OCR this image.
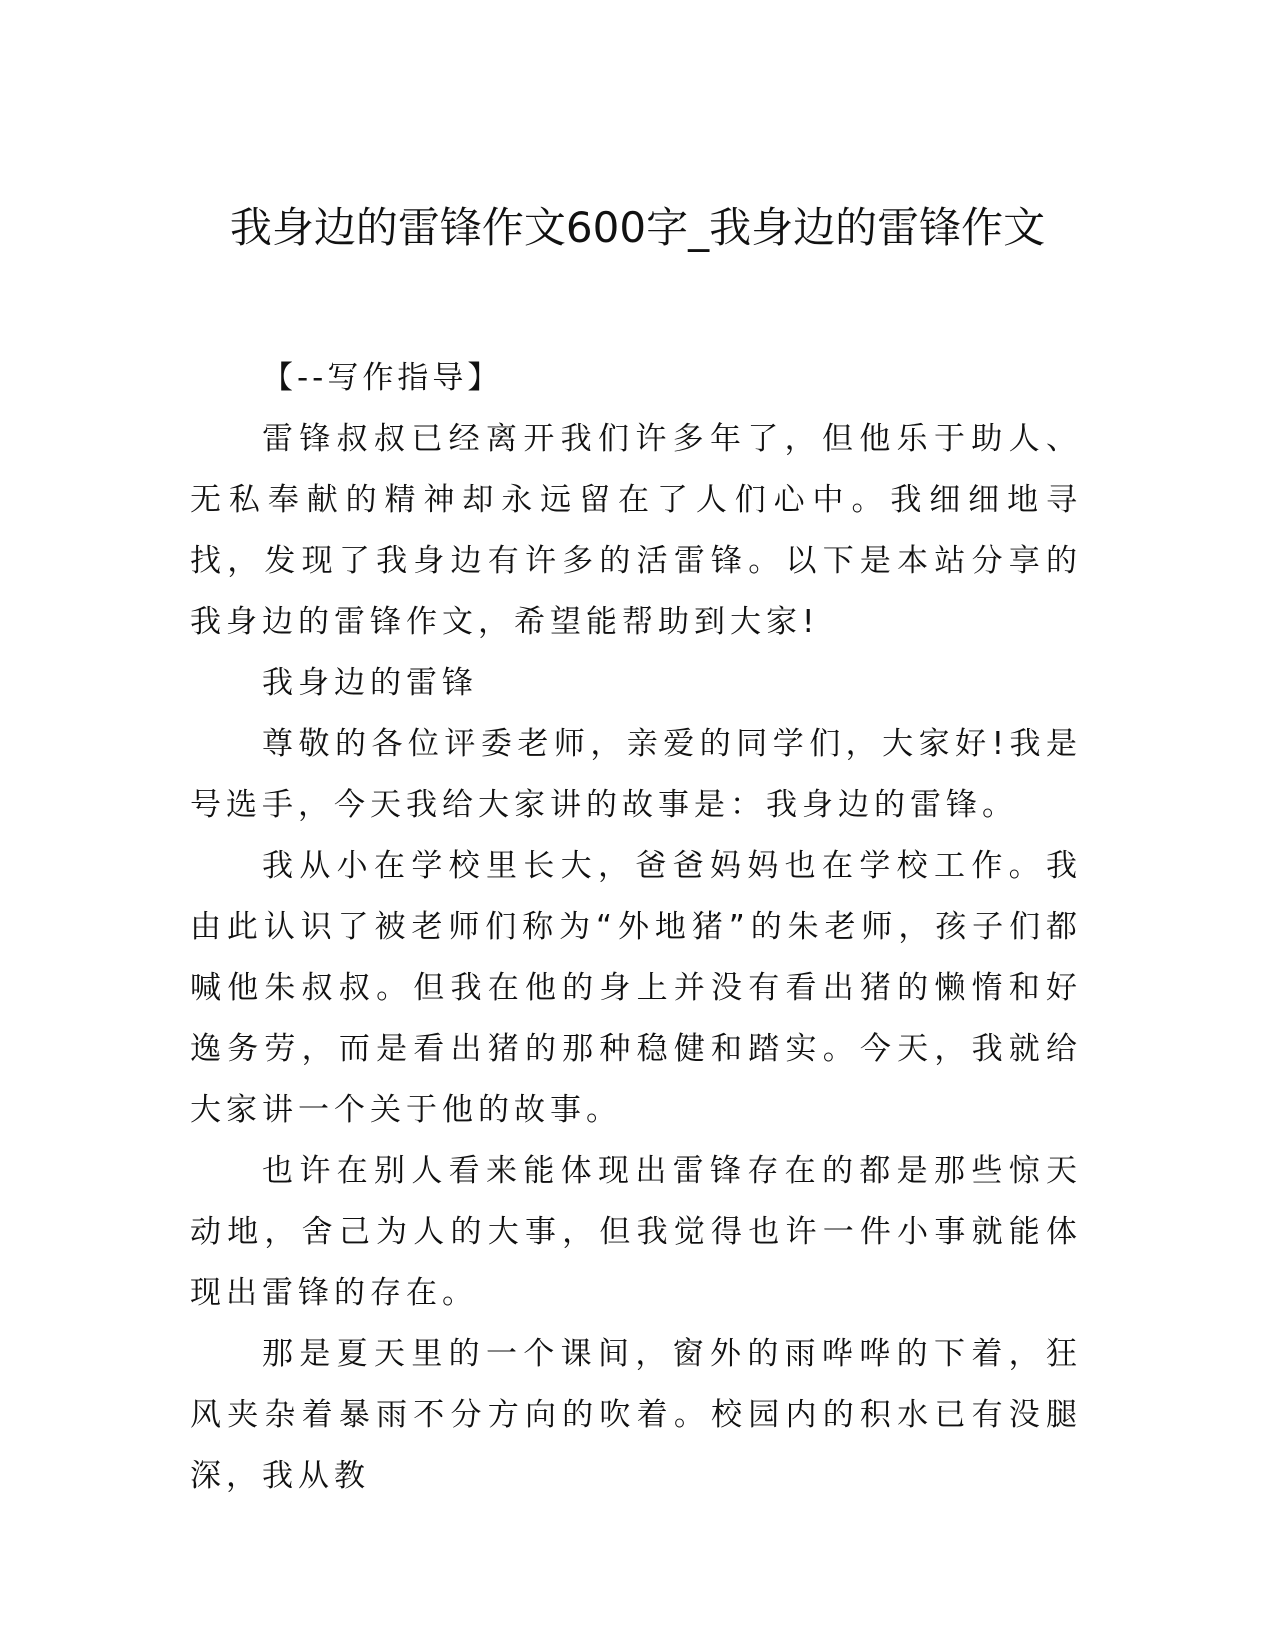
我身边的雷锋作文600字_我身边的雷锋作文

【--写作指导】

雷锋叔叔已经离开我们许多年了，但他乐于助人、无私奉献的精神却永远留在了人们心中。我细细地寻找，发现了我身边有许多的活雷锋。以下是本站分享的我身边的雷锋作文，希望能帮助到大家!

我身边的雷锋

尊敬的各位评委老师，亲爱的同学们，大家好!我是号选手，今天我给大家讲的故事是：我身边的雷锋。

我从小在学校里长大，爸爸妈妈也在学校工作。我由此认识了被老师们称为“外地猪”的朱老师，孩子们都喊他朱叔叔。但我在他的身上并没有看出猪的懒惰和好逸务劳，而是看出猪的那种稳健和踏实。今天，我就给大家讲一个关于他的故事。

也许在别人看来能体现出雷锋存在的都是那些惊天动地，舍己为人的大事，但我觉得也许一件小事就能体现出雷锋的存在。

那是夏天里的一个课间，窗外的雨哗哗的下着，狂风夹杂着暴雨不分方向的吹着。校园内的积水已有没腿深，我从教
